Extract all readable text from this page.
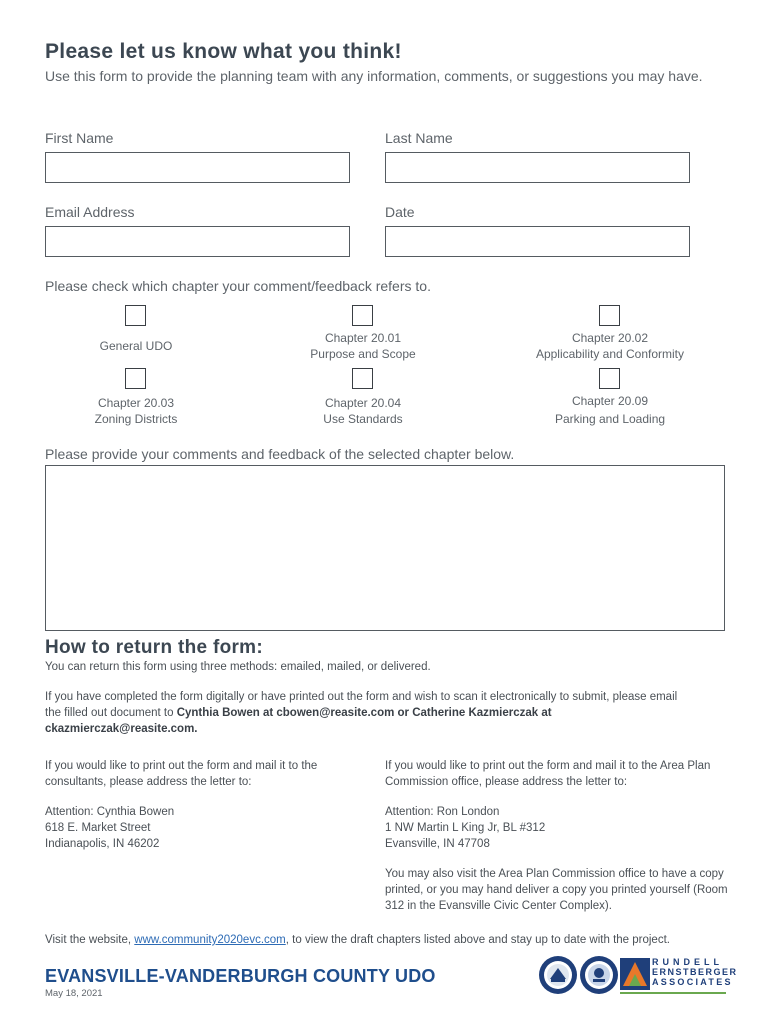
Please let us know what you think!
Use this form to provide the planning team with any information, comments, or suggestions you may have.
First Name	Last Name
Email Address	Date
Please check which chapter your comment/feedback refers to.
General UDO
Chapter 20.01
Purpose and Scope
Chapter 20.02
Applicability and Conformity
Chapter 20.03
Zoning Districts
Chapter 20.04
Use Standards
Chapter 20.09
Parking and Loading
Please provide your comments and feedback of the selected chapter below.
How to return the form:
You can return this form using three methods: emailed, mailed, or delivered.
If you have completed the form digitally or have printed out the form and wish to scan it electronically to submit, please email the filled out document to Cynthia Bowen at cbowen@reasite.com or Catherine Kazmierczak at ckazmierczak@reasite.com.
If you would like to print out the form and mail it to the consultants, please address the letter to:
Attention: Cynthia Bowen
618 E. Market Street
Indianapolis, IN 46202
If you would like to print out the form and mail it to the Area Plan Commission office, please address the letter to:
Attention: Ron London
1 NW Martin L King Jr, BL #312
Evansville, IN 47708
You may also visit the Area Plan Commission office to have a copy printed, or you may hand deliver a copy you printed yourself (Room 312 in the Evansville Civic Center Complex).
Visit the website, www.community2020evc.com, to view the draft chapters listed above and stay up to date with the project.
EVANSVILLE-VANDERBURGH COUNTY UDO
May 18, 2021
RUNDELL
ERNSTBERGER
ASSOCIATES
